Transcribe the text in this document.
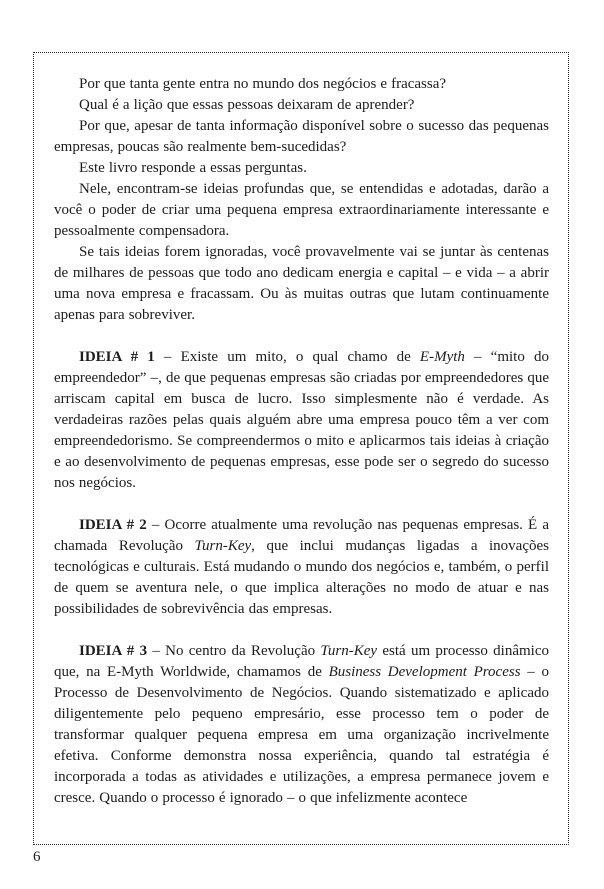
Por que tanta gente entra no mundo dos negócios e fracassa?

Qual é a lição que essas pessoas deixaram de aprender?

Por que, apesar de tanta informação disponível sobre o sucesso das pequenas empresas, poucas são realmente bem-sucedidas?

Este livro responde a essas perguntas.

Nele, encontram-se ideias profundas que, se entendidas e adotadas, darão a você o poder de criar uma pequena empresa extraordinariamente interessante e pessoalmente compensadora.

Se tais ideias forem ignoradas, você provavelmente vai se juntar às centenas de milhares de pessoas que todo ano dedicam energia e capital – e vida – a abrir uma nova empresa e fracassam. Ou às muitas outras que lutam continuamente apenas para sobreviver.

IDEIA # 1 – Existe um mito, o qual chamo de E-Myth – “mito do empreendedor” –, de que pequenas empresas são criadas por empreendedores que arriscam capital em busca de lucro. Isso simplesmente não é verdade. As verdadeiras razões pelas quais alguém abre uma empresa pouco têm a ver com empreendedorismo. Se compreendermos o mito e aplicarmos tais ideias à criação e ao desenvolvimento de pequenas empresas, esse pode ser o segredo do sucesso nos negócios.

IDEIA # 2 – Ocorre atualmente uma revolução nas pequenas empresas. É a chamada Revolução Turn-Key, que inclui mudanças ligadas a inovações tecnológicas e culturais. Está mudando o mundo dos negócios e, também, o perfil de quem se aventura nele, o que implica alterações no modo de atuar e nas possibilidades de sobrevivência das empresas.

IDEIA # 3 – No centro da Revolução Turn-Key está um processo dinâmico que, na E-Myth Worldwide, chamamos de Business Development Process – o Processo de Desenvolvimento de Negócios. Quando sistematizado e aplicado diligentemente pelo pequeno empresário, esse processo tem o poder de transformar qualquer pequena empresa em uma organização incrivelmente efetiva. Conforme demonstra nossa experiência, quando tal estratégia é incorporada a todas as atividades e utilizações, a empresa permanece jovem e cresce. Quando o processo é ignorado – o que infelizmente acontece

6
